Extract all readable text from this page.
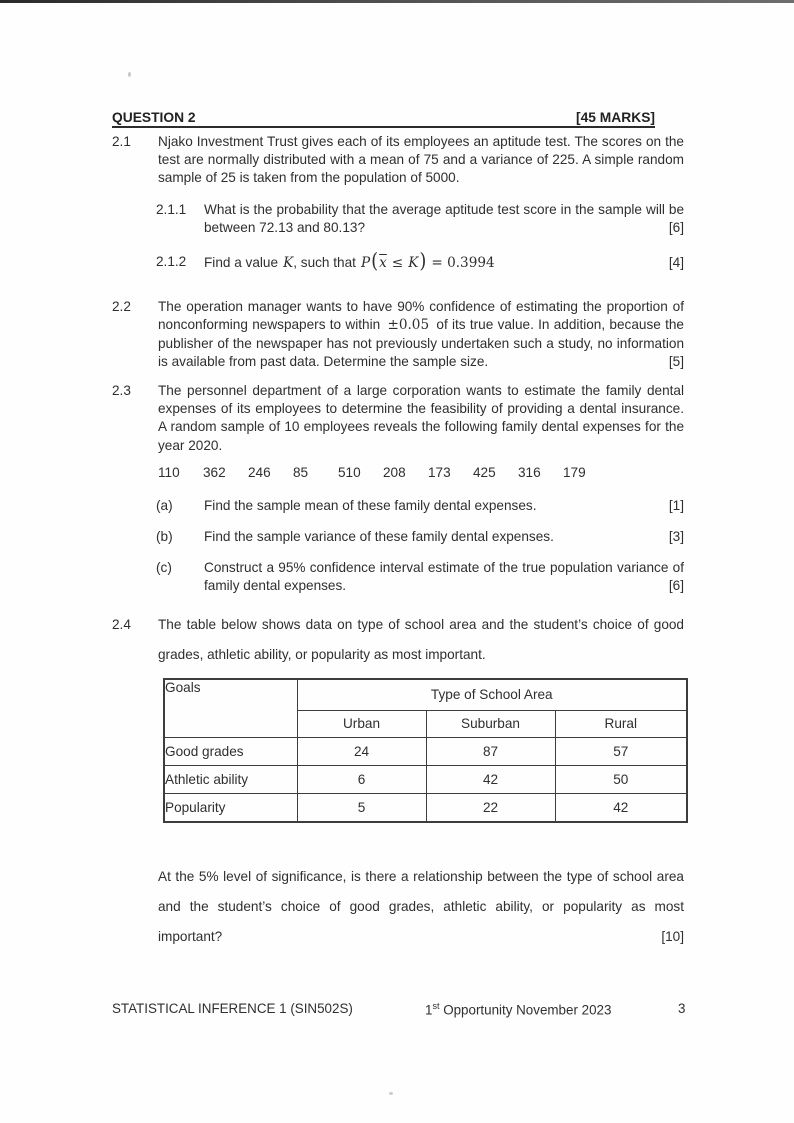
QUESTION 2	[45 MARKS]
2.1	Njako Investment Trust gives each of its employees an aptitude test. The scores on the test are normally distributed with a mean of 75 and a variance of 225. A simple random sample of 25 is taken from the population of 5000.
2.1.1	What is the probability that the average aptitude test score in the sample will be between 72.13 and 80.13?	[6]
2.1.2	Find a value K , such that $P(\overline{x} \le K) = 0.3994$	[4]
2.2	The operation manager wants to have 90% confidence of estimating the proportion of nonconforming newspapers to within ±0.05 of its true value. In addition, because the publisher of the newspaper has not previously undertaken such a study, no information is available from past data. Determine the sample size.	[5]
2.3	The personnel department of a large corporation wants to estimate the family dental expenses of its employees to determine the feasibility of providing a dental insurance. A random sample of 10 employees reveals the following family dental expenses for the year 2020.
110	362	246	85	510	208	173	425	316	179
(a)	Find the sample mean of these family dental expenses.	[1]
(b)	Find the sample variance of these family dental expenses.	[3]
(c)	Construct a 95% confidence interval estimate of the true population variance of family dental expenses.	[6]
2.4	The table below shows data on type of school area and the student’s choice of good grades, athletic ability, or popularity as most important.
Goals	Type of School Area		
	Urban	Suburban	Rural
Good grades	24	87	57
Athletic ability	6	42	50
Popularity	5	22	42
At the 5% level of significance, is there a relationship between the type of school area and the student’s choice of good grades, athletic ability, or popularity as most important?	[10]
STATISTICAL INFERENCE 1 (SIN502S)	1st Opportunity November 2023	3
